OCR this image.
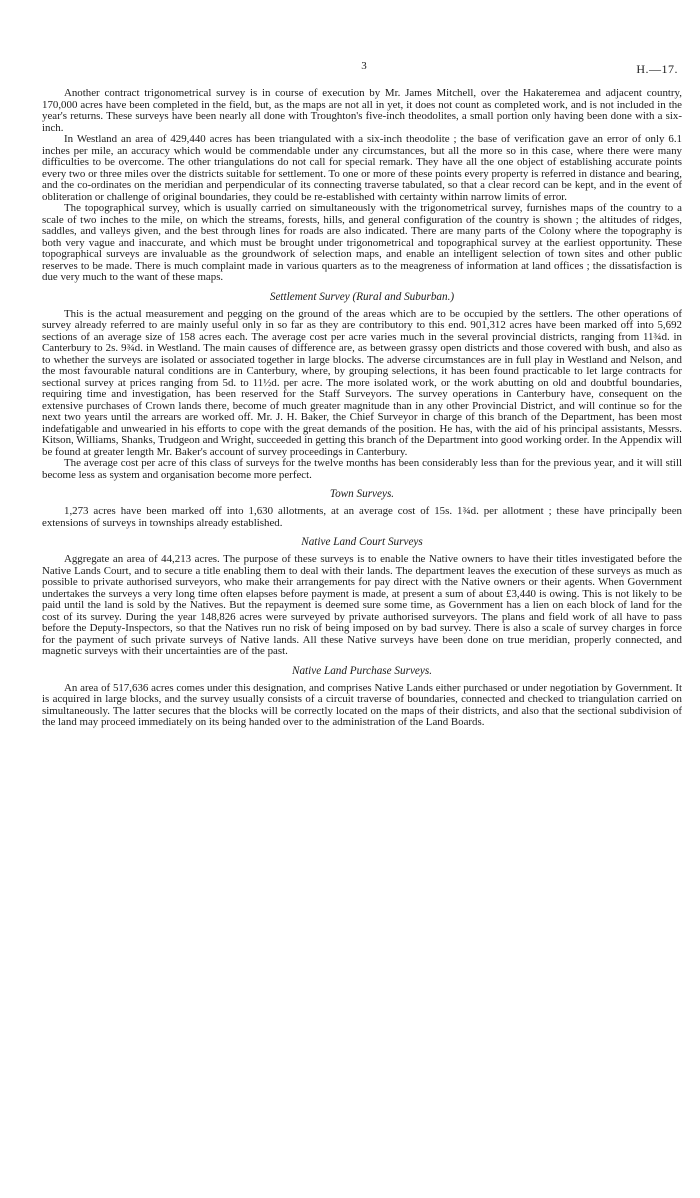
3	H.—17.

Another contract trigonometrical survey is in course of execution by Mr. James Mitchell, over the Hakateremea and adjacent country, 170,000 acres have been completed in the field, but, as the maps are not all in yet, it does not count as completed work, and is not included in the year's returns. These surveys have been nearly all done with Troughton's five-inch theodolites, a small portion only having been done with a six-inch.

In Westland an area of 429,440 acres has been triangulated with a six-inch theodolite ; the base of verification gave an error of only 6.1 inches per mile, an accuracy which would be commendable under any circumstances, but all the more so in this case, where there were many difficulties to be overcome. The other triangulations do not call for special remark. They have all the one object of establishing accurate points every two or three miles over the districts suitable for settlement. To one or more of these points every property is referred in distance and bearing, and the co-ordinates on the meridian and perpendicular of its connecting traverse tabulated, so that a clear record can be kept, and in the event of obliteration or challenge of original boundaries, they could be re-established with certainty within narrow limits of error.

The topographical survey, which is usually carried on simultaneously with the trigonometrical survey, furnishes maps of the country to a scale of two inches to the mile, on which the streams, forests, hills, and general configuration of the country is shown ; the altitudes of ridges, saddles, and valleys given, and the best through lines for roads are also indicated. There are many parts of the Colony where the topography is both very vague and inaccurate, and which must be brought under trigonometrical and topographical survey at the earliest opportunity. These topographical surveys are invaluable as the groundwork of selection maps, and enable an intelligent selection of town sites and other public reserves to be made. There is much complaint made in various quarters as to the meagreness of information at land offices ; the dissatisfaction is due very much to the want of these maps.

Settlement Survey (Rural and Suburban.)

This is the actual measurement and pegging on the ground of the areas which are to be occupied by the settlers. The other operations of survey already referred to are mainly useful only in so far as they are contributory to this end. 901,312 acres have been marked off into 5,692 sections of an average size of 158 acres each. The average cost per acre varies much in the several provincial districts, ranging from 11¾d. in Canterbury to 2s. 9¾d. in Westland. The main causes of difference are, as between grassy open districts and those covered with bush, and also as to whether the surveys are isolated or associated together in large blocks. The adverse circumstances are in full play in Westland and Nelson, and the most favourable natural conditions are in Canterbury, where, by grouping selections, it has been found practicable to let large contracts for sectional survey at prices ranging from 5d. to 11½d. per acre. The more isolated work, or the work abutting on old and doubtful boundaries, requiring time and investigation, has been reserved for the Staff Surveyors. The survey operations in Canterbury have, consequent on the extensive purchases of Crown lands there, become of much greater magnitude than in any other Provincial District, and will continue so for the next two years until the arrears are worked off. Mr. J. H. Baker, the Chief Surveyor in charge of this branch of the Department, has been most indefatigable and unwearied in his efforts to cope with the great demands of the position. He has, with the aid of his principal assistants, Messrs. Kitson, Williams, Shanks, Trudgeon and Wright, succeeded in getting this branch of the Department into good working order. In the Appendix will be found at greater length Mr. Baker's account of survey proceedings in Canterbury.

The average cost per acre of this class of surveys for the twelve months has been considerably less than for the previous year, and it will still become less as system and organisation become more perfect.

Town Surveys.

1,273 acres have been marked off into 1,630 allotments, at an average cost of 15s. 1¾d. per allotment ; these have principally been extensions of surveys in townships already established.

Native Land Court Surveys

Aggregate an area of 44,213 acres. The purpose of these surveys is to enable the Native owners to have their titles investigated before the Native Lands Court, and to secure a title enabling them to deal with their lands. The department leaves the execution of these surveys as much as possible to private authorised surveyors, who make their arrangements for pay direct with the Native owners or their agents. When Government undertakes the surveys a very long time often elapses before payment is made, at present a sum of about £3,440 is owing. This is not likely to be paid until the land is sold by the Natives. But the repayment is deemed sure some time, as Government has a lien on each block of land for the cost of its survey. During the year 148,826 acres were surveyed by private authorised surveyors. The plans and field work of all have to pass before the Deputy-Inspectors, so that the Natives run no risk of being imposed on by bad survey. There is also a scale of survey charges in force for the payment of such private surveys of Native lands. All these Native surveys have been done on true meridian, properly connected, and magnetic surveys with their uncertainties are of the past.

Native Land Purchase Surveys.

An area of 517,636 acres comes under this designation, and comprises Native Lands either purchased or under negotiation by Government. It is acquired in large blocks, and the survey usually consists of a circuit traverse of boundaries, connected and checked to triangulation carried on simultaneously. The latter secures that the blocks will be correctly located on the maps of their districts, and also that the sectional subdivision of the land may proceed immediately on its being handed over to the administration of the Land Boards.
